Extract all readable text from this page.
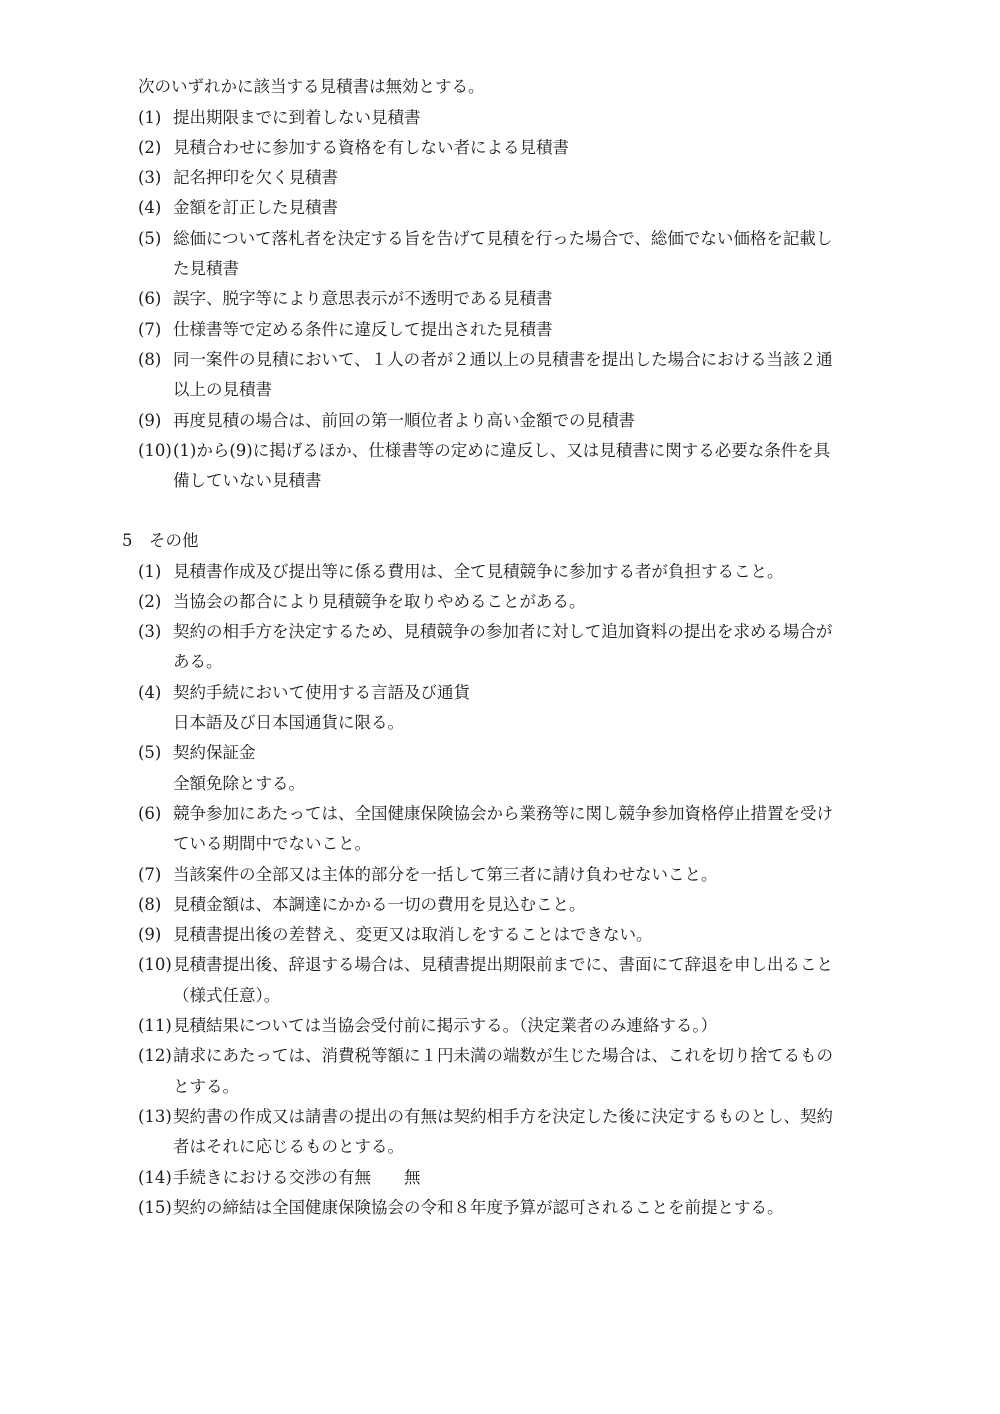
次のいずれかに該当する見積書は無効とする。
(1) 提出期限までに到着しない見積書
(2) 見積合わせに参加する資格を有しない者による見積書
(3) 記名押印を欠く見積書
(4) 金額を訂正した見積書
(5) 総価について落札者を決定する旨を告げて見積を行った場合で、総価でない価格を記載し
た見積書
(6) 誤字、脱字等により意思表示が不透明である見積書
(7) 仕様書等で定める条件に違反して提出された見積書
(8) 同一案件の見積において、１人の者が２通以上の見積書を提出した場合における当該２通
以上の見積書
(9) 再度見積の場合は、前回の第一順位者より高い金額での見積書
(10) (1)から(9)に掲げるほか、仕様書等の定めに違反し、又は見積書に関する必要な条件を具
備していない見積書
5　その他
(1) 見積書作成及び提出等に係る費用は、全て見積競争に参加する者が負担すること。
(2) 当協会の都合により見積競争を取りやめることがある。
(3) 契約の相手方を決定するため、見積競争の参加者に対して追加資料の提出を求める場合が
ある。
(4) 契約手続において使用する言語及び通貨
日本語及び日本国通貨に限る。
(5) 契約保証金
全額免除とする。
(6) 競争参加にあたっては、全国健康保険協会から業務等に関し競争参加資格停止措置を受け
ている期間中でないこと。
(7) 当該案件の全部又は主体的部分を一括して第三者に請け負わせないこと。
(8) 見積金額は、本調達にかかる一切の費用を見込むこと。
(9) 見積書提出後の差替え、変更又は取消しをすることはできない。
(10) 見積書提出後、辞退する場合は、見積書提出期限前までに、書面にて辞退を申し出ること
（様式任意）。
(11) 見積結果については当協会受付前に掲示する。（決定業者のみ連絡する。）
(12) 請求にあたっては、消費税等額に１円未満の端数が生じた場合は、これを切り捨てるもの
とする。
(13) 契約書の作成又は請書の提出の有無は契約相手方を決定した後に決定するものとし、契約
者はそれに応じるものとする。
(14) 手続きにおける交渉の有無　　無
(15) 契約の締結は全国健康保険協会の令和８年度予算が認可されることを前提とする。
